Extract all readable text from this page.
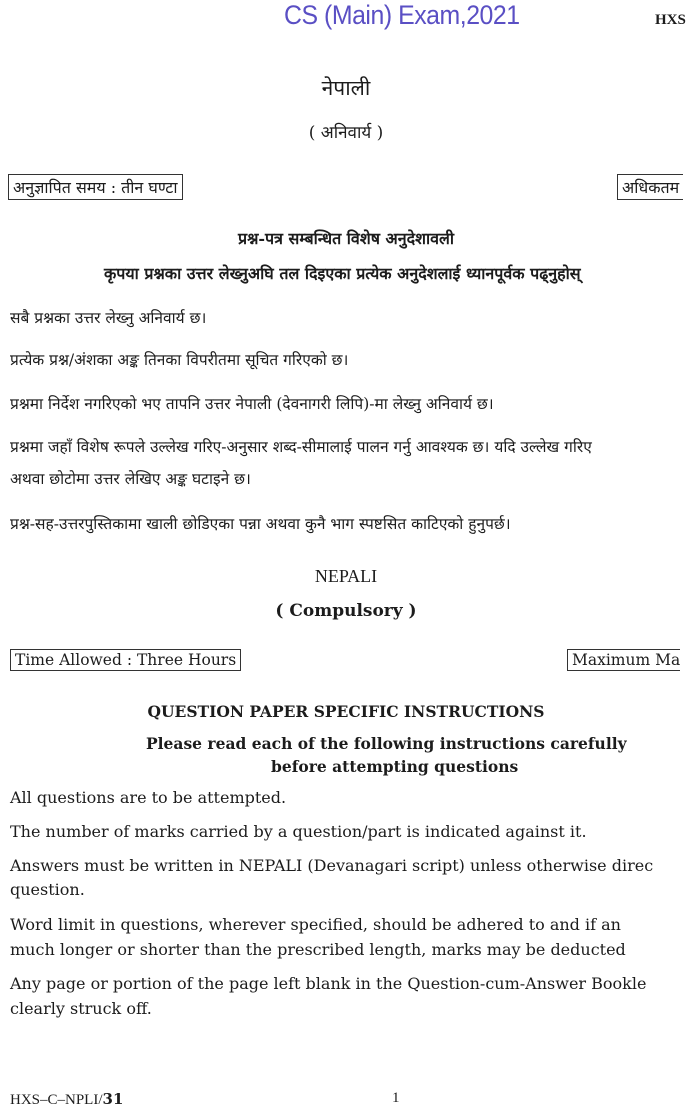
CS (Main) Exam,2021	HXS
नेपाली
( अनिवार्य )
अनुज्ञापित समय : तीन घण्टा	अधिकतम
प्रश्न-पत्र सम्बन्धित विशेष अनुदेशावली
कृपया प्रश्नका उत्तर लेख्नुअघि तल दिइएका प्रत्येक अनुदेशलाई ध्यानपूर्वक पढ्नुहोस्
सबै प्रश्नका उत्तर लेख्नु अनिवार्य छ।
प्रत्येक प्रश्न/अंशका अङ्क तिनका विपरीतमा सूचित गरिएको छ।
प्रश्नमा निर्देश नगरिएको भए तापनि उत्तर नेपाली (देवनागरी लिपि)-मा लेख्नु अनिवार्य छ।
प्रश्नमा जहाँ विशेष रूपले उल्लेख गरिए-अनुसार शब्द-सीमालाई पालन गर्नु आवश्यक छ। यदि उल्लेख गरिए
अथवा छोटोमा उत्तर लेखिए अङ्क घटाइने छ।
प्रश्न-सह-उत्तरपुस्तिकामा खाली छोडिएका पन्ना अथवा कुनै भाग स्पष्टसित काटिएको हुनुपर्छ।
NEPALI
( Compulsory )
Time Allowed : Three Hours	Maximum Ma
QUESTION PAPER SPECIFIC INSTRUCTIONS
Please read each of the following instructions carefully
before attempting questions
All questions are to be attempted.
The number of marks carried by a question/part is indicated against it.
Answers must be written in NEPALI (Devanagari script) unless otherwise direc
question.
Word limit in questions, wherever specified, should be adhered to and if an
much longer or shorter than the prescribed length, marks may be deducted
Any page or portion of the page left blank in the Question-cum-Answer Bookle
clearly struck off.
HXS–C–NPLI/31	1
